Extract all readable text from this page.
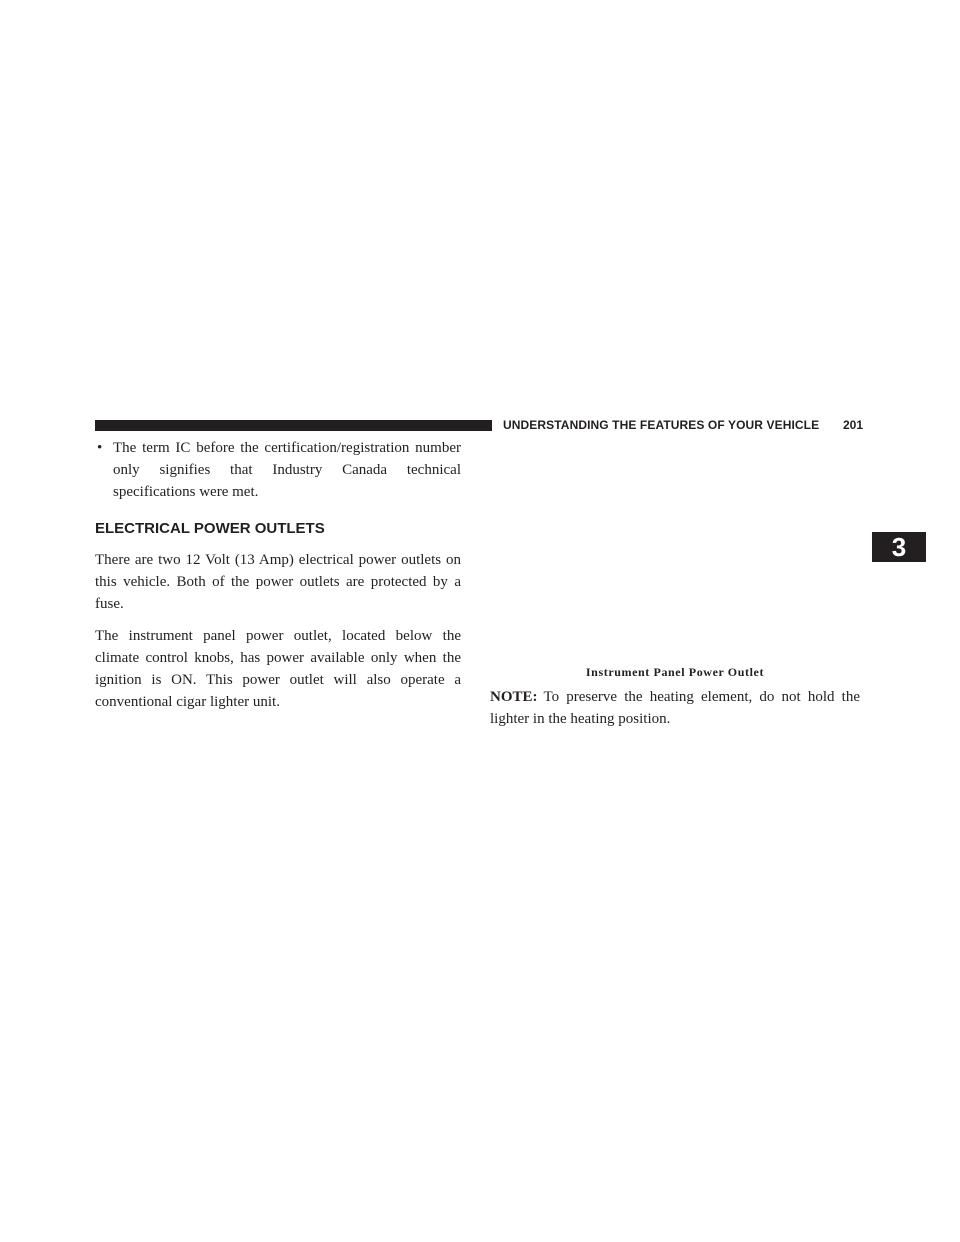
UNDERSTANDING THE FEATURES OF YOUR VEHICLE 201
3
• The term IC before the certification/registration number only signifies that Industry Canada technical specifications were met.
ELECTRICAL POWER OUTLETS

There are two 12 Volt (13 Amp) electrical power outlets on this vehicle. Both of the power outlets are protected by a fuse.

The instrument panel power outlet, located below the climate control knobs, has power available only when the ignition is ON. This power outlet will also operate a conventional cigar lighter unit.

Instrument Panel Power Outlet
NOTE: To preserve the heating element, do not hold the lighter in the heating position.
